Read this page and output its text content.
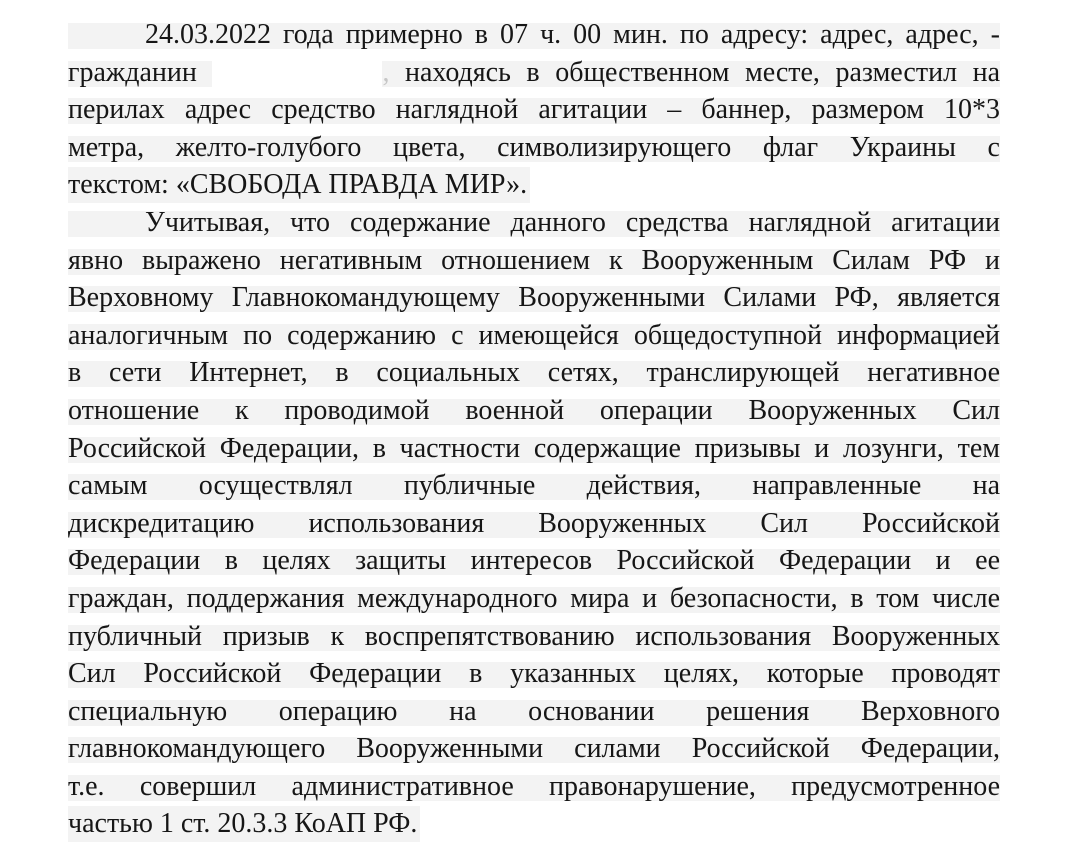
24.03.2022 года примерно в 07 ч. 00 мин. по адресу: адрес, адрес, -
гражданин	, находясь в общественном месте, разместил на
перилах адрес средство наглядной агитации – баннер, размером 10*3
метра, желто-голубого цвета, символизирующего флаг Украины с
текстом: «СВОБОДА ПРАВДА МИР».
Учитывая, что содержание данного средства наглядной агитации
явно выражено негативным отношением к Вооруженным Силам РФ и
Верховному Главнокомандующему Вооруженными Силами РФ, является
аналогичным по содержанию с имеющейся общедоступной информацией
в сети Интернет, в социальных сетях, транслирующей негативное
отношение к проводимой военной операции Вооруженных Сил
Российской Федерации, в частности содержащие призывы и лозунги, тем
самым осуществлял публичные действия, направленные на
дискредитацию использования Вооруженных Сил Российской
Федерации в целях защиты интересов Российской Федерации и ее
граждан, поддержания международного мира и безопасности, в том числе
публичный призыв к воспрепятствованию использования Вооруженных
Сил Российской Федерации в указанных целях, которые проводят
специальную операцию на основании решения Верховного
главнокомандующего Вооруженными силами Российской Федерации,
т.е. совершил административное правонарушение, предусмотренное
частью 1 ст. 20.3.3 КоАП РФ.
